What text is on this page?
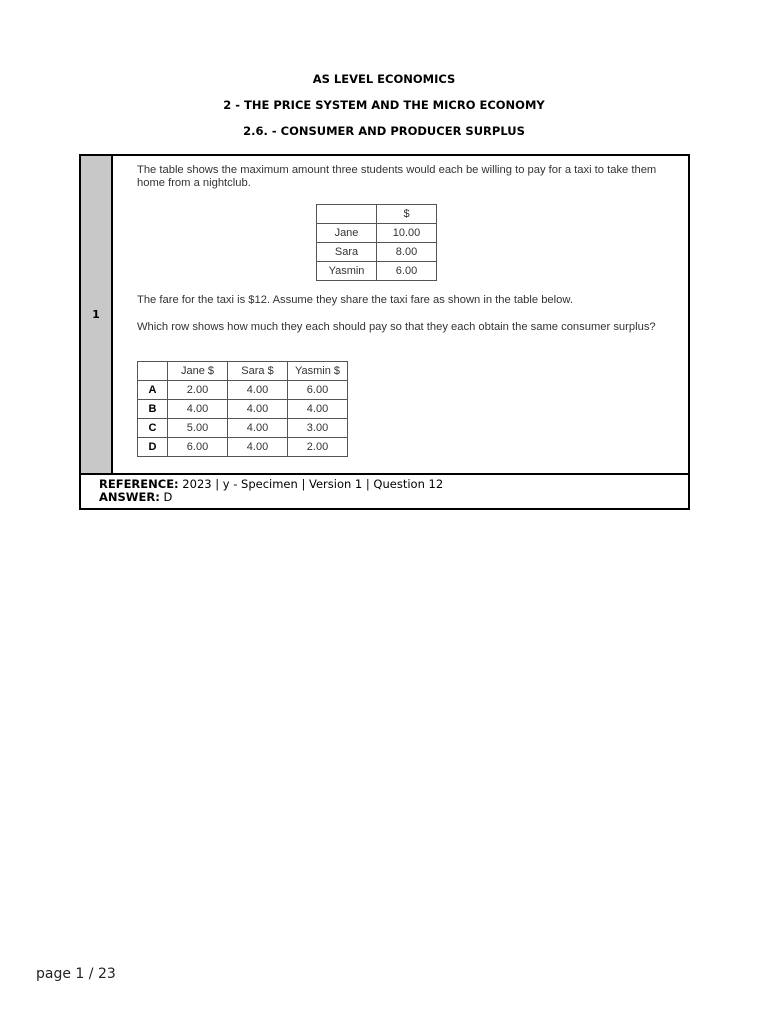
AS LEVEL ECONOMICS
2 - THE PRICE SYSTEM AND THE MICRO ECONOMY
2.6. - CONSUMER AND PRODUCER SURPLUS
1
The table shows the maximum amount three students would each be willing to pay for a taxi to take them home from a nightclub.
	$
Jane	10.00
Sara	8.00
Yasmin	6.00
The fare for the taxi is $12. Assume they share the taxi fare as shown in the table below.
Which row shows how much they each should pay so that they each obtain the same consumer surplus?
	Jane $	Sara $	Yasmin $
A	2.00	4.00	6.00
B	4.00	4.00	4.00
C	5.00	4.00	3.00
D	6.00	4.00	2.00
REFERENCE: 2023 | y - Specimen | Version 1 | Question 12
ANSWER: D
page 1 / 23
